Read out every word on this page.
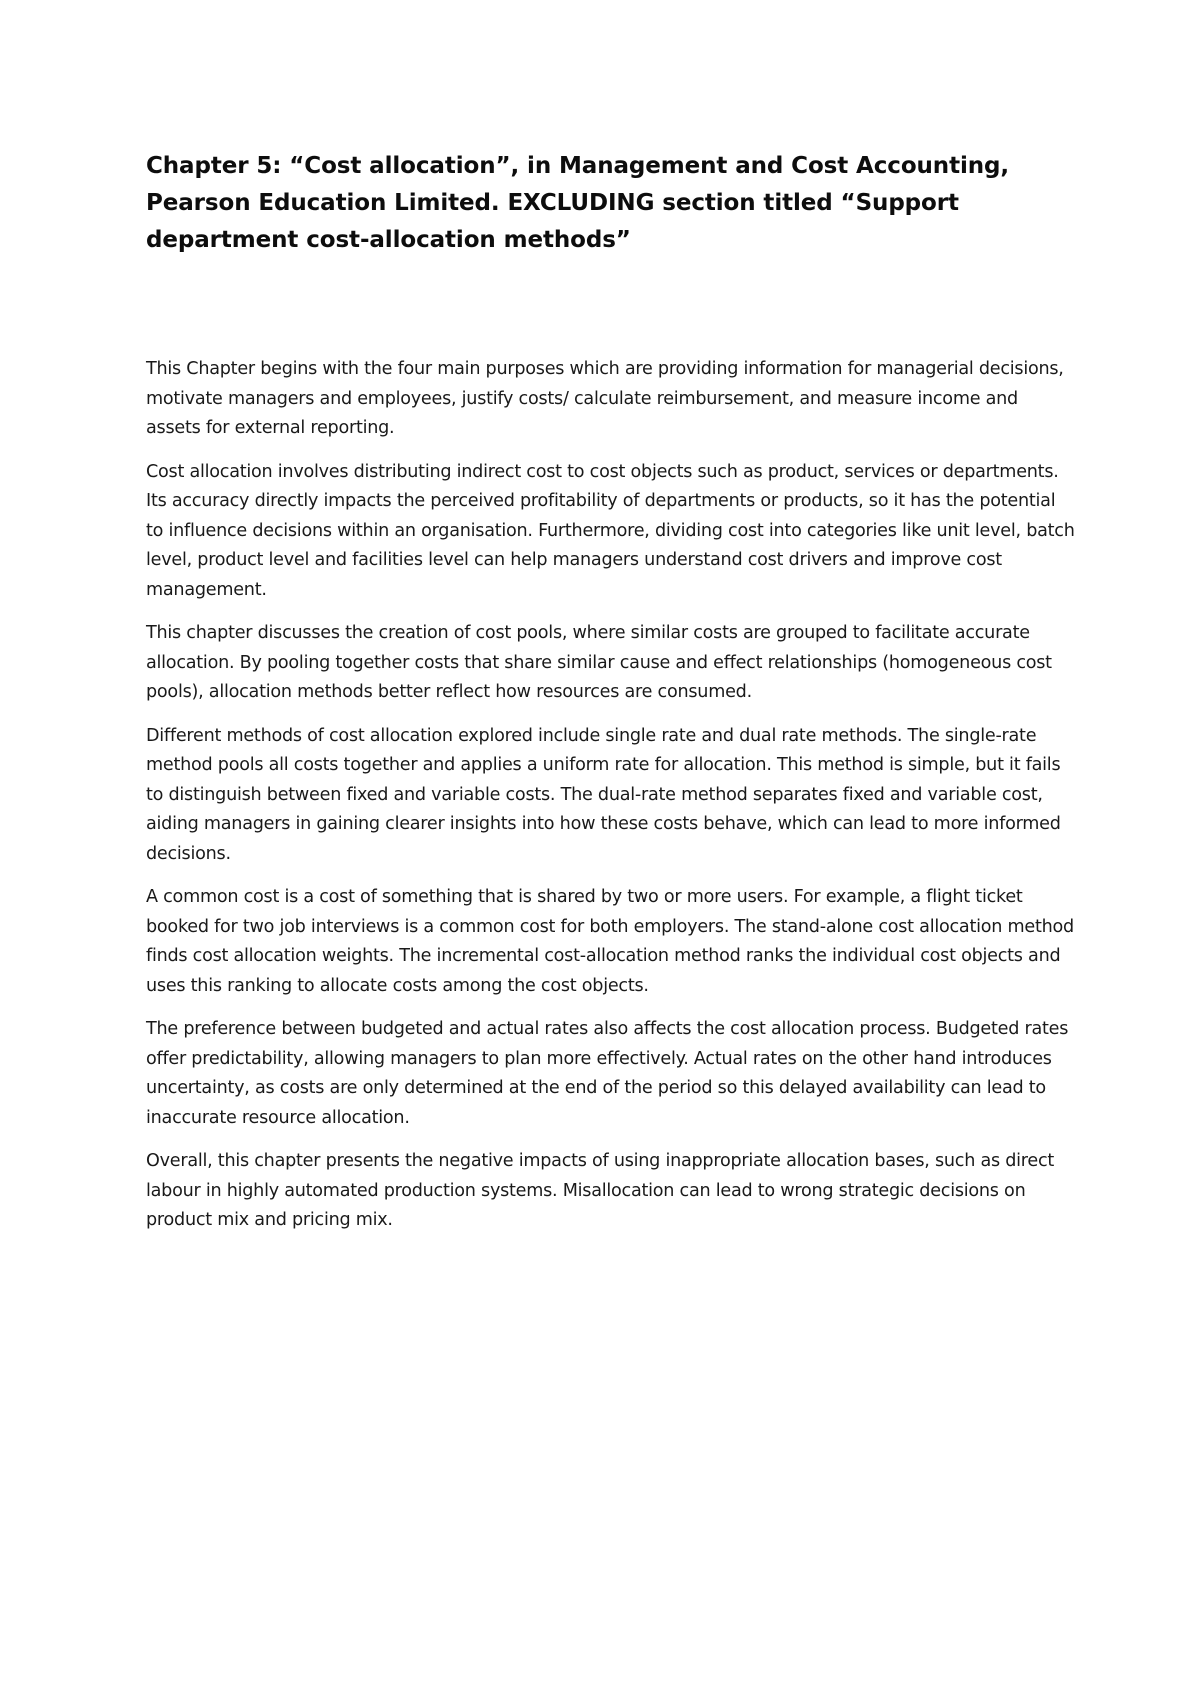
Chapter 5: “Cost allocation”, in Management and Cost Accounting, Pearson Education Limited. EXCLUDING section titled “Support department cost-allocation methods”

This Chapter begins with the four main purposes which are providing information for managerial decisions, motivate managers and employees, justify costs/ calculate reimbursement, and measure income and assets for external reporting.

Cost allocation involves distributing indirect cost to cost objects such as product, services or departments. Its accuracy directly impacts the perceived profitability of departments or products, so it has the potential to influence decisions within an organisation. Furthermore, dividing cost into categories like unit level, batch level, product level and facilities level can help managers understand cost drivers and improve cost management.

This chapter discusses the creation of cost pools, where similar costs are grouped to facilitate accurate allocation. By pooling together costs that share similar cause and effect relationships (homogeneous cost pools), allocation methods better reflect how resources are consumed.

Different methods of cost allocation explored include single rate and dual rate methods. The single-rate method pools all costs together and applies a uniform rate for allocation. This method is simple, but it fails to distinguish between fixed and variable costs. The dual-rate method separates fixed and variable cost, aiding managers in gaining clearer insights into how these costs behave, which can lead to more informed decisions.

A common cost is a cost of something that is shared by two or more users. For example, a flight ticket booked for two job interviews is a common cost for both employers. The stand-alone cost allocation method finds cost allocation weights. The incremental cost-allocation method ranks the individual cost objects and uses this ranking to allocate costs among the cost objects.

The preference between budgeted and actual rates also affects the cost allocation process. Budgeted rates offer predictability, allowing managers to plan more effectively. Actual rates on the other hand introduces uncertainty, as costs are only determined at the end of the period so this delayed availability can lead to inaccurate resource allocation.

Overall, this chapter presents the negative impacts of using inappropriate allocation bases, such as direct labour in highly automated production systems. Misallocation can lead to wrong strategic decisions on product mix and pricing mix.
